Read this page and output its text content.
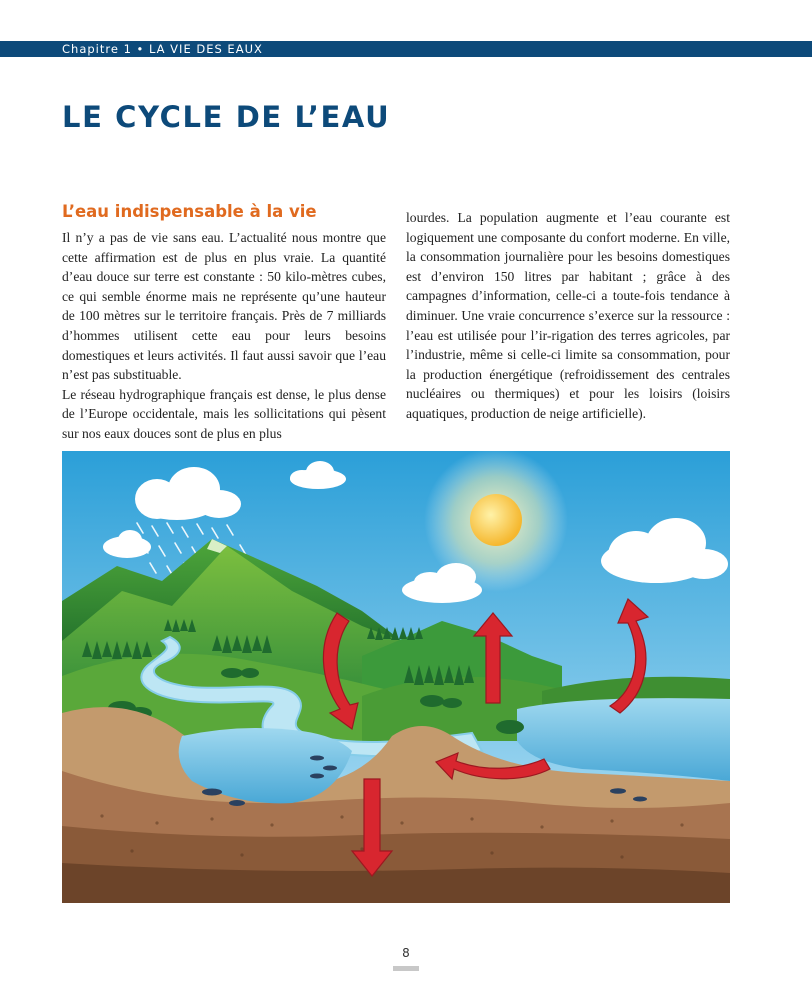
Chapitre 1 • LA VIE DES EAUX
LE CYCLE DE L’EAU
L’eau indispensable à la vie

Il n’y a pas de vie sans eau. L’actualité nous montre que cette affirmation est de plus en plus vraie. La quantité d’eau douce sur terre est constante : 50 kilo-mètres cubes, ce qui semble énorme mais ne représente qu’une hauteur de 100 mètres sur le territoire français. Près de 7 milliards d’hommes utilisent cette eau pour leurs besoins domestiques et leurs activités. Il faut aussi savoir que l’eau n’est pas substituable.

Le réseau hydrographique français est dense, le plus dense de l’Europe occidentale, mais les sollicitations qui pèsent sur nos eaux douces sont de plus en plus

lourdes. La population augmente et l’eau courante est logiquement une composante du confort moderne. En ville, la consommation journalière pour les besoins domestiques est d’environ 150 litres par habitant ; grâce à des campagnes d’information, celle-ci a toute-fois tendance à diminuer. Une vraie concurrence s’exerce sur la ressource : l’eau est utilisée pour l’ir-rigation des terres agricoles, par l’industrie, même si celle-ci limite sa consommation, pour la production énergétique (refroidissement des centrales nucléaires ou thermiques) et pour les loisirs (loisirs aquatiques, production de neige artificielle).

8
